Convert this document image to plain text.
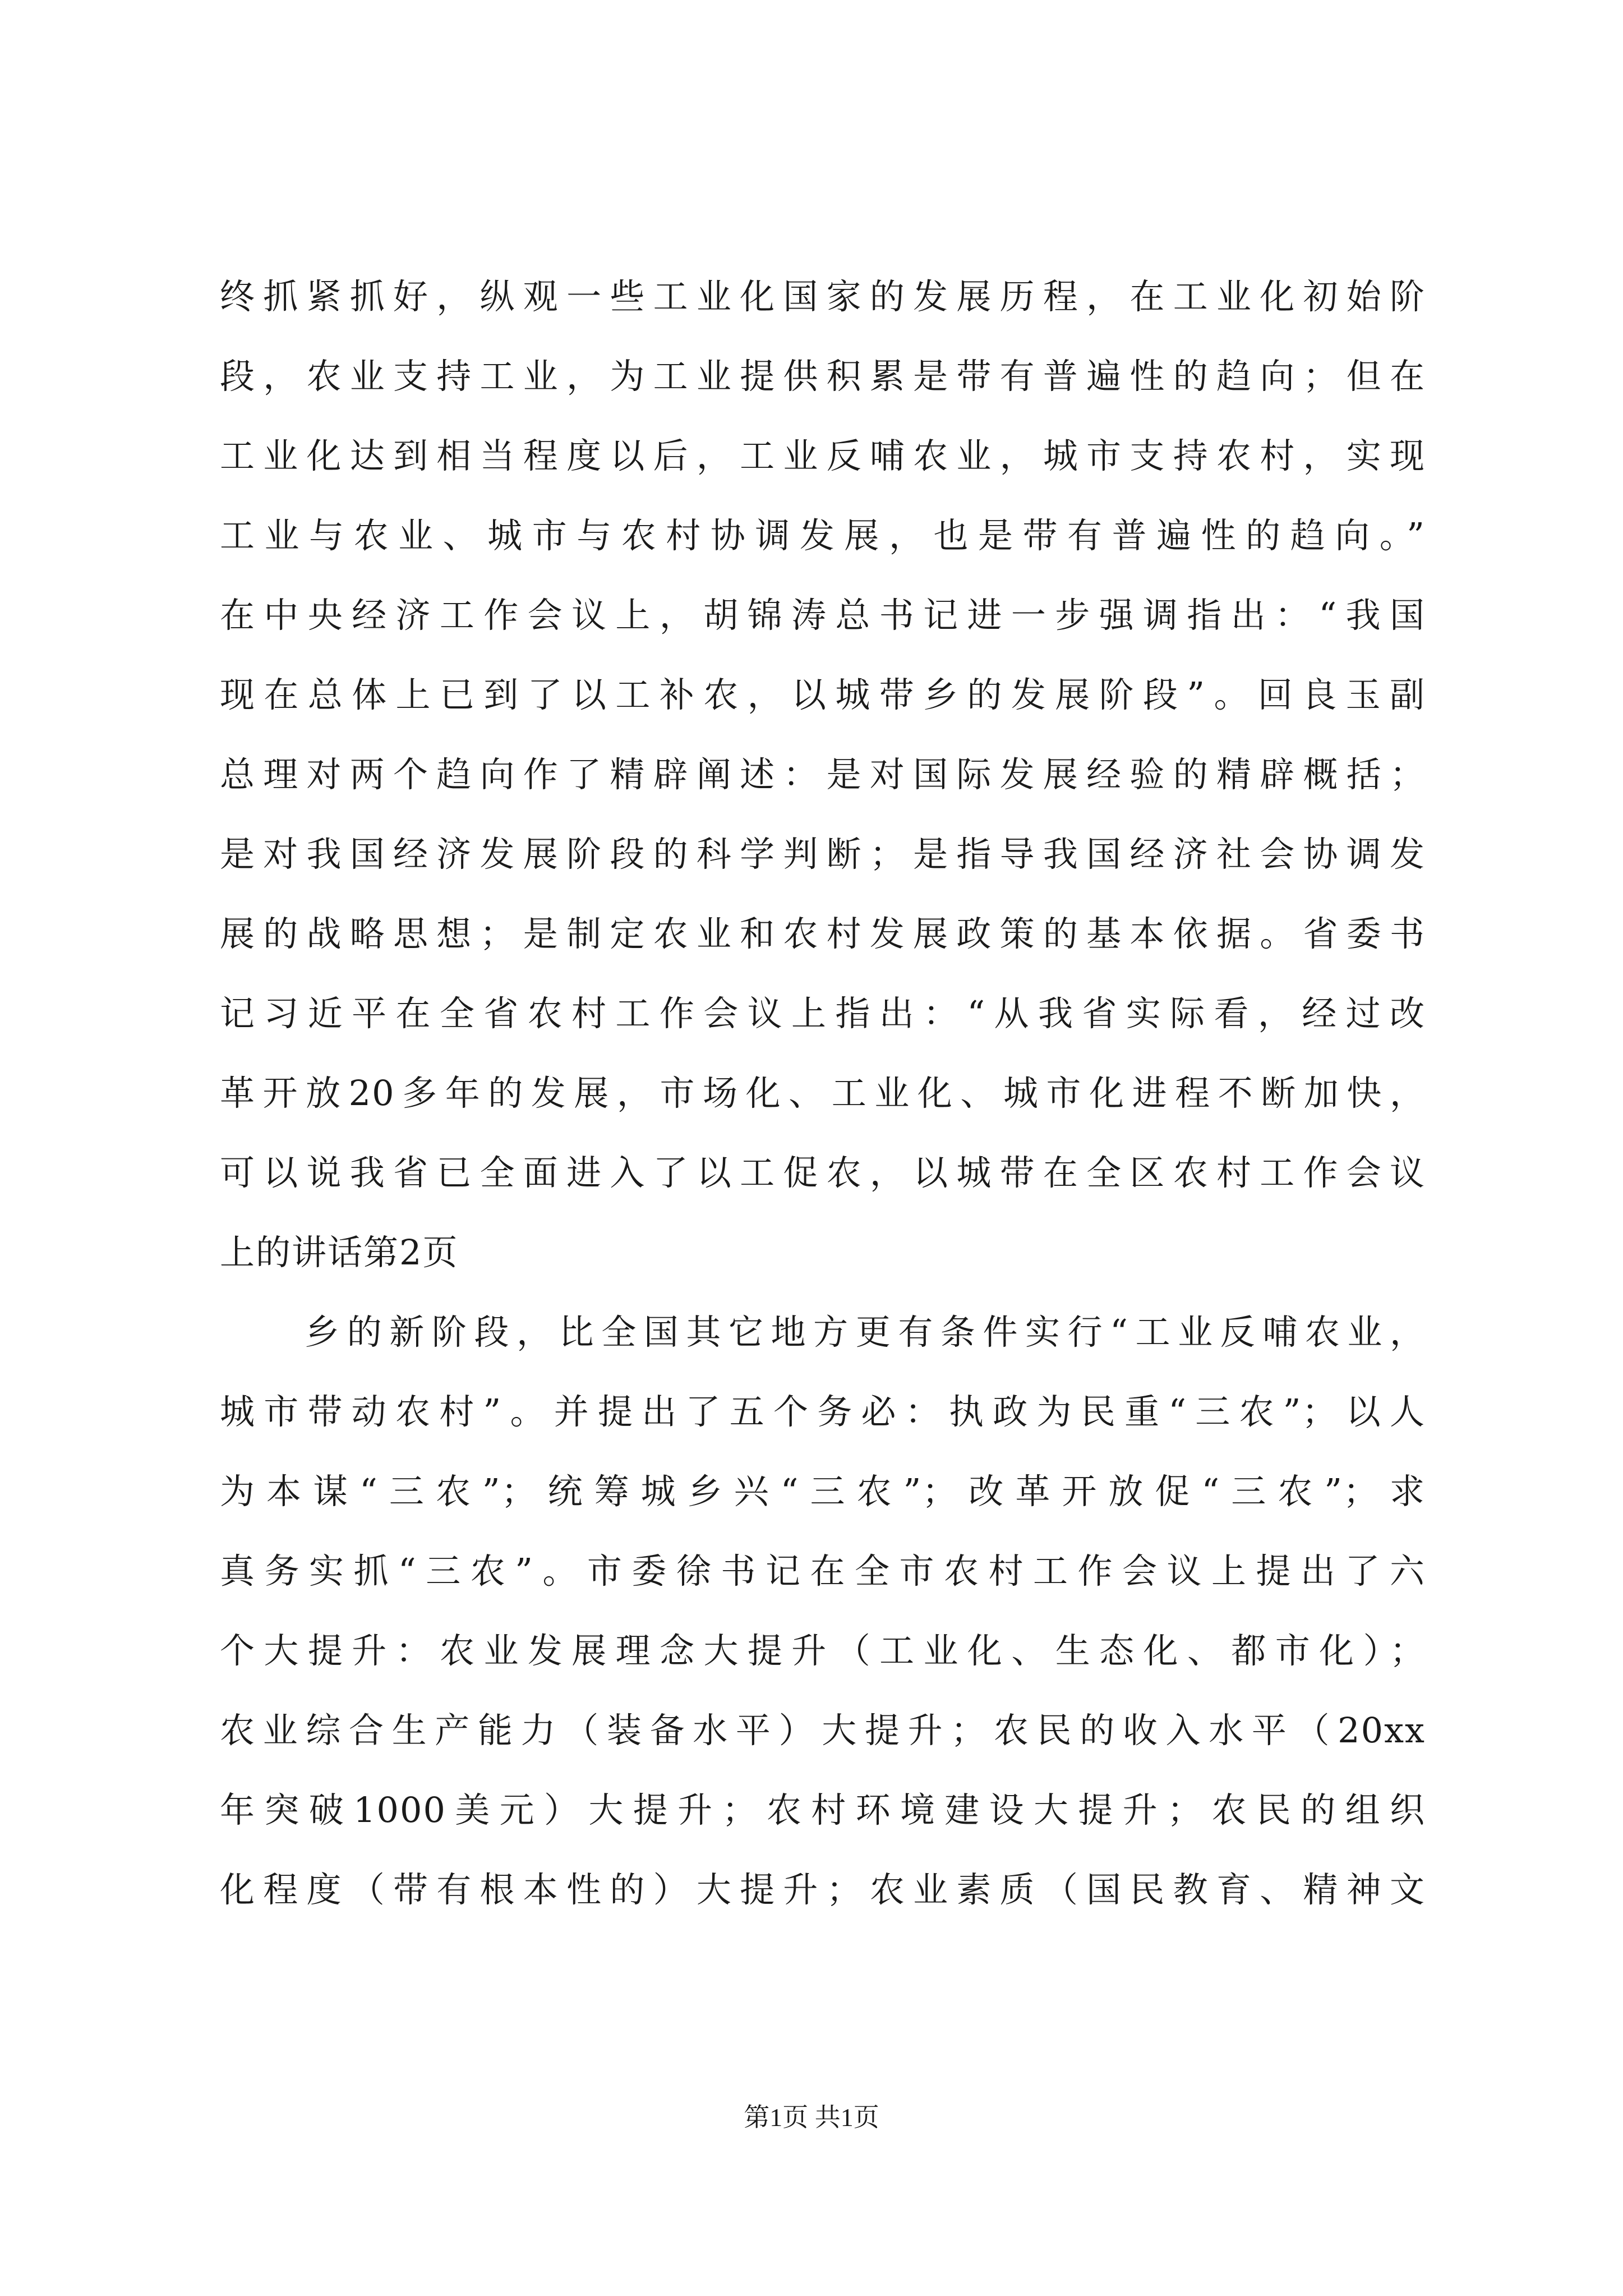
终抓紧抓好，纵观一些工业化国家的发展历程，在工业化初始阶
段，农业支持工业，为工业提供积累是带有普遍性的趋向；但在
工业化达到相当程度以后，工业反哺农业，城市支持农村，实现
工业与农业、城市与农村协调发展，也是带有普遍性的趋向。”
在中央经济工作会议上，胡锦涛总书记进一步强调指出：“我国
现在总体上已到了以工补农，以城带乡的发展阶段”。回良玉副
总理对两个趋向作了精辟阐述：是对国际发展经验的精辟概括；
是对我国经济发展阶段的科学判断；是指导我国经济社会协调发
展的战略思想；是制定农业和农村发展政策的基本依据。省委书
记习近平在全省农村工作会议上指出：“从我省实际看，经过改
革开放20多年的发展，市场化、工业化、城市化进程不断加快，
可以说我省已全面进入了以工促农，以城带在全区农村工作会议
上的讲话第2页
　　乡的新阶段，比全国其它地方更有条件实行“工业反哺农业，
城市带动农村”。并提出了五个务必：执政为民重“三农”；以人
为本谋“三农”；统筹城乡兴“三农”；改革开放促“三农”；求
真务实抓“三农”。市委徐书记在全市农村工作会议上提出了六
个大提升：农业发展理念大提升（工业化、生态化、都市化）；
农业综合生产能力（装备水平）大提升；农民的收入水平（20xx
年突破1000美元）大提升；农村环境建设大提升；农民的组织
化程度（带有根本性的）大提升；农业素质（国民教育、精神文
第1页 共1页
